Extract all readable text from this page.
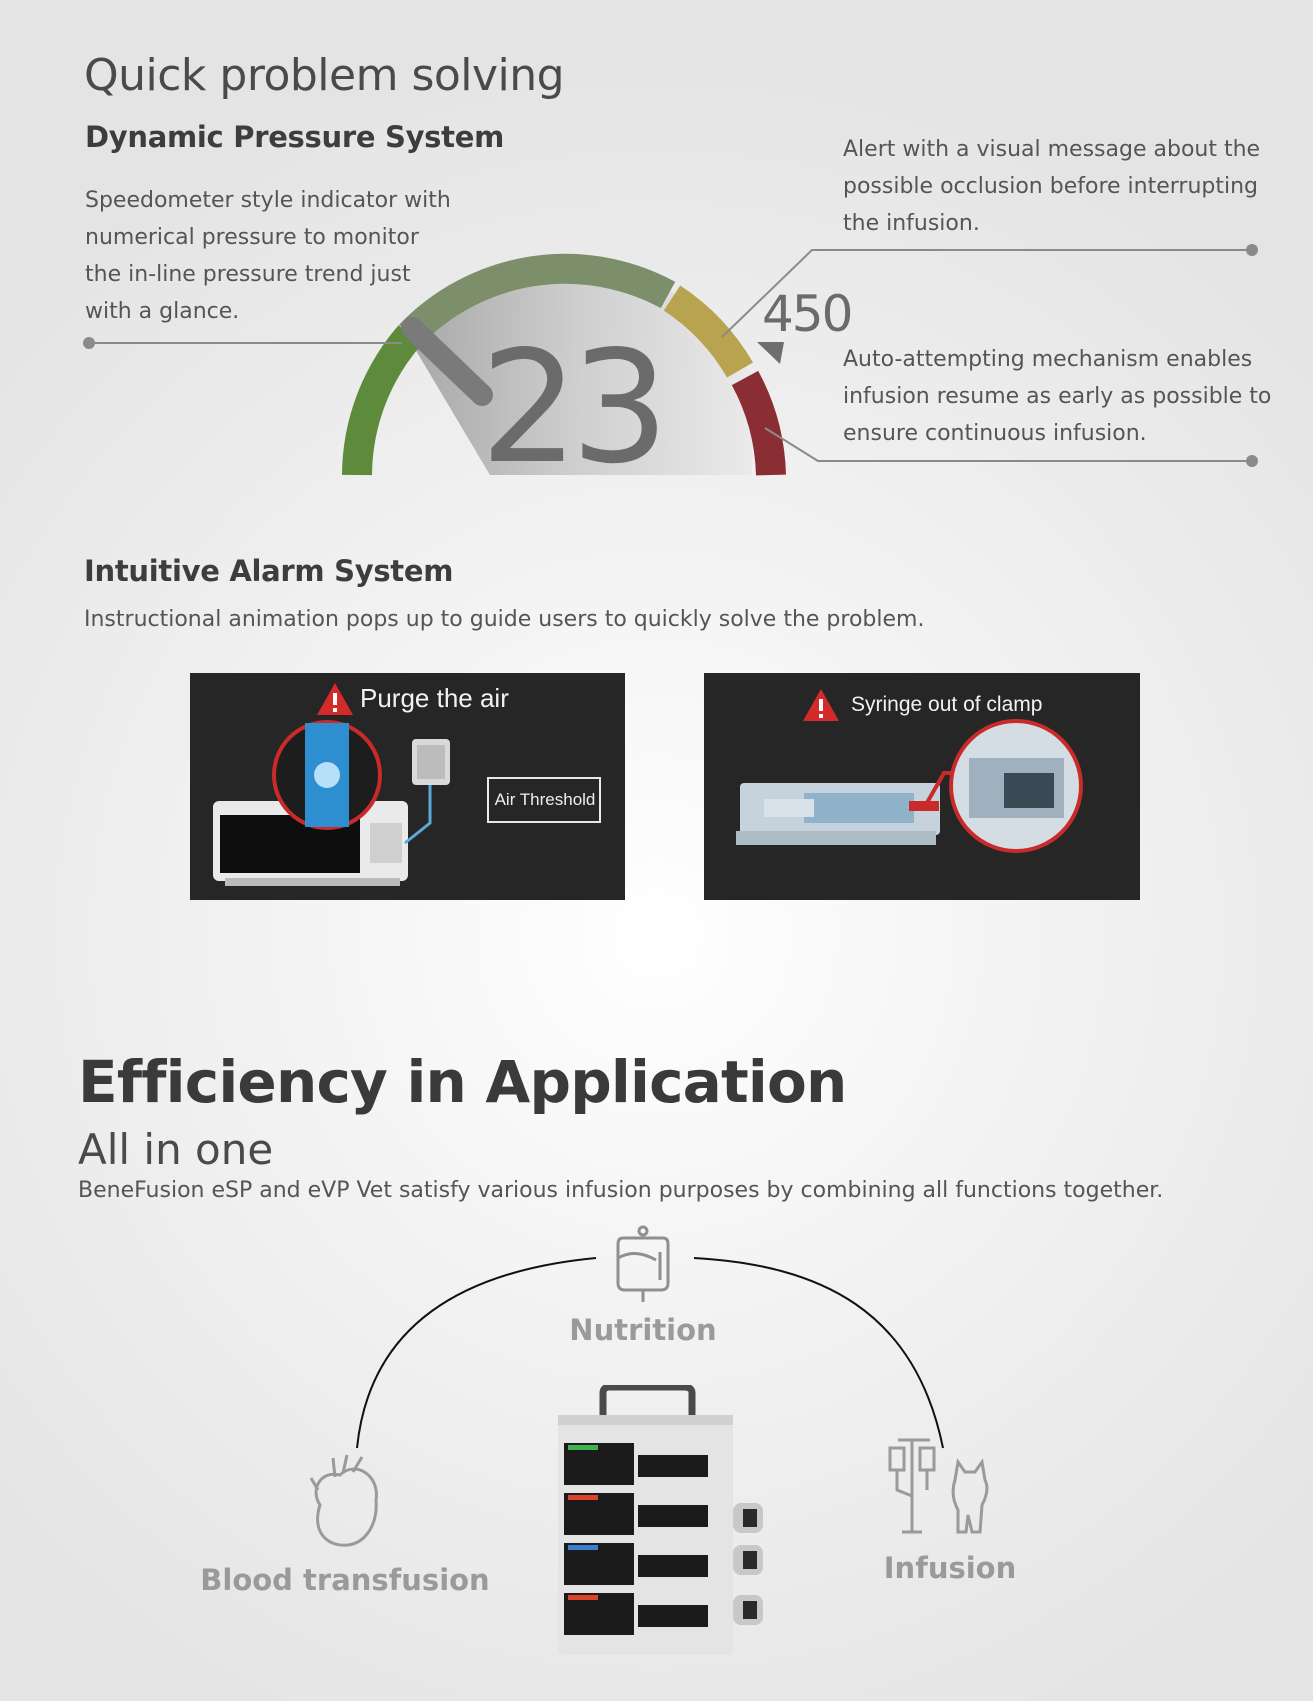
Quick problem solving
Dynamic Pressure System
Speedometer style indicator with
numerical pressure to monitor
the in-line pressure trend just
with a glance.
Alert with a visual message about the
possible occlusion before interrupting
the infusion.
Auto-attempting mechanism enables
infusion resume as early as possible to
ensure continuous infusion.
23
450
Intuitive Alarm System
Instructional animation pops up to guide users to quickly solve the problem.
Purge the air
Air Threshold
Syringe out of clamp
Efficiency in Application
All in one
BeneFusion eSP and eVP Vet satisfy various infusion purposes by combining all functions together.
Nutrition
Blood transfusion	Infusion
